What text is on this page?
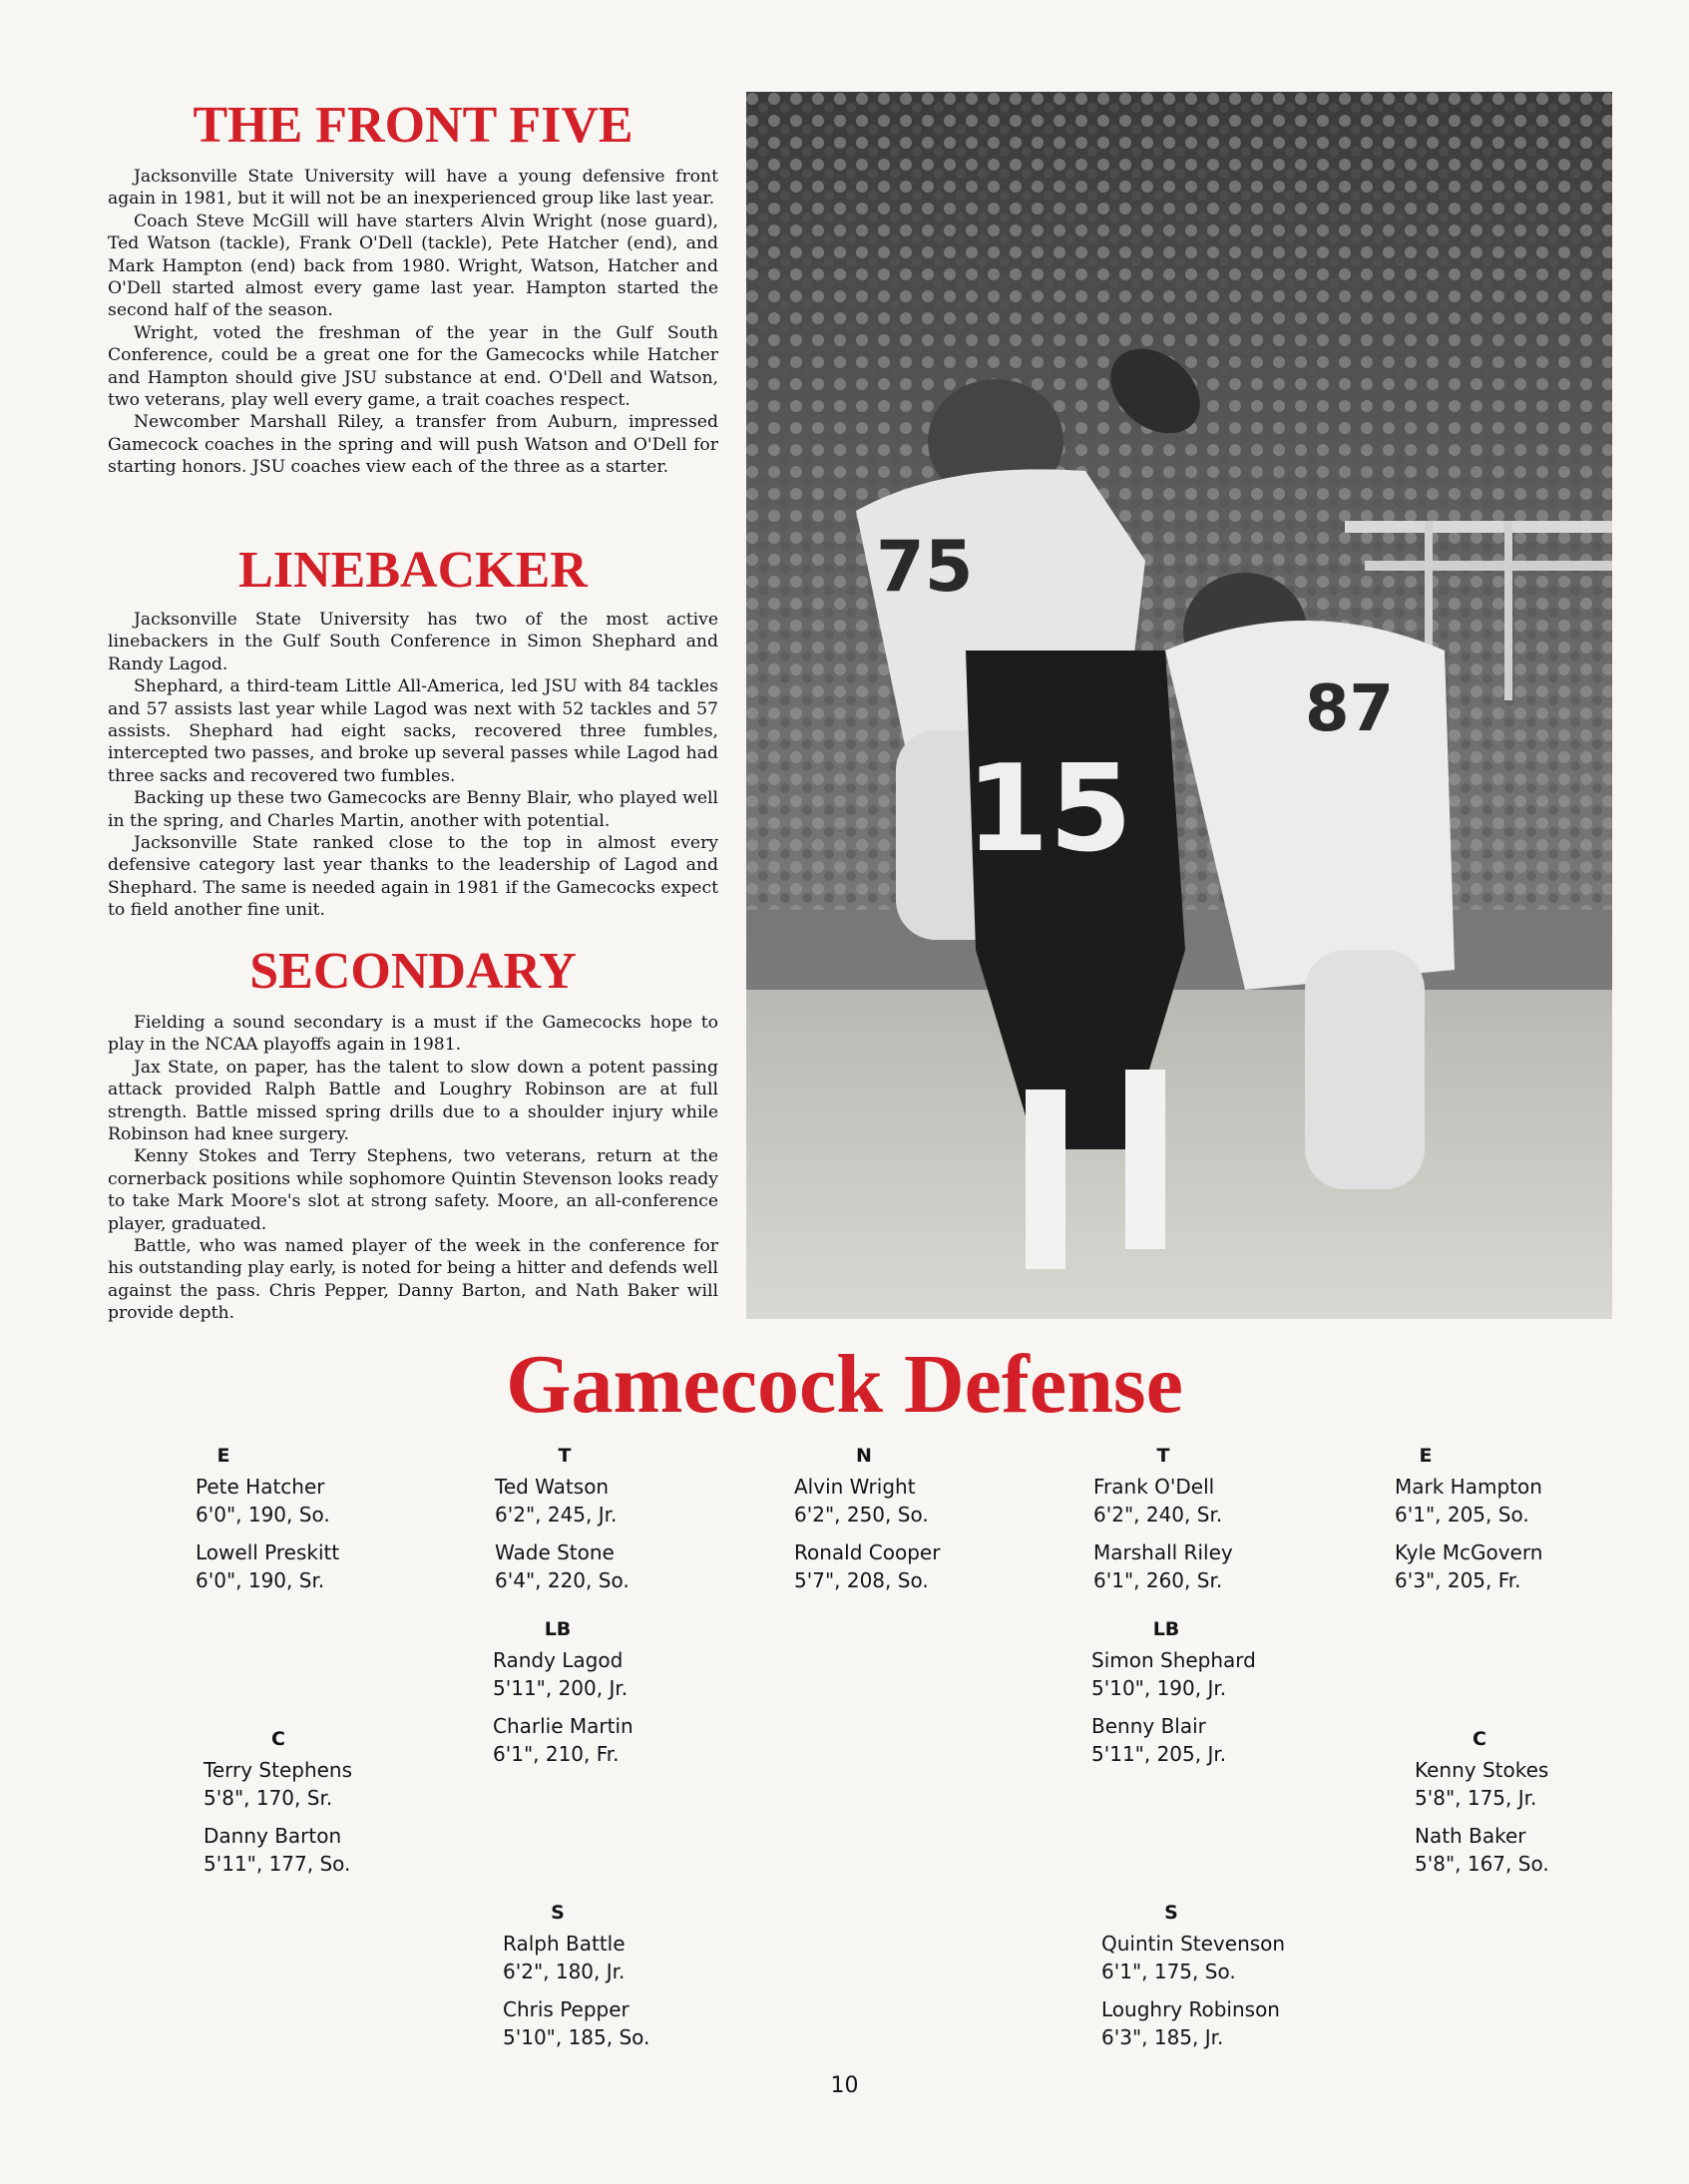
THE FRONT FIVE

Jacksonville State University will have a young defensive front again in 1981, but it will not be an inexperienced group like last year.

Coach Steve McGill will have starters Alvin Wright (nose guard), Ted Watson (tackle), Frank O'Dell (tackle), Pete Hatcher (end), and Mark Hampton (end) back from 1980. Wright, Watson, Hatcher and O'Dell started almost every game last year. Hampton started the second half of the season.

Wright, voted the freshman of the year in the Gulf South Conference, could be a great one for the Gamecocks while Hatcher and Hampton should give JSU substance at end. O'Dell and Watson, two veterans, play well every game, a trait coaches respect.

Newcomber Marshall Riley, a transfer from Auburn, impressed Gamecock coaches in the spring and will push Watson and O'Dell for starting honors. JSU coaches view each of the three as a starter.

LINEBACKER

Jacksonville State University has two of the most active linebackers in the Gulf South Conference in Simon Shephard and Randy Lagod.

Shephard, a third-team Little All-America, led JSU with 84 tackles and 57 assists last year while Lagod was next with 52 tackles and 57 assists. Shephard had eight sacks, recovered three fumbles, intercepted two passes, and broke up several passes while Lagod had three sacks and recovered two fumbles.

Backing up these two Gamecocks are Benny Blair, who played well in the spring, and Charles Martin, another with potential.

Jacksonville State ranked close to the top in almost every defensive category last year thanks to the leadership of Lagod and Shephard. The same is needed again in 1981 if the Gamecocks expect to field another fine unit.

SECONDARY

Fielding a sound secondary is a must if the Gamecocks hope to play in the NCAA playoffs again in 1981.

Jax State, on paper, has the talent to slow down a potent passing attack provided Ralph Battle and Loughry Robinson are at full strength. Battle missed spring drills due to a shoulder injury while Robinson had knee surgery.

Kenny Stokes and Terry Stephens, two veterans, return at the cornerback positions while sophomore Quintin Stevenson looks ready to take Mark Moore's slot at strong safety. Moore, an all-conference player, graduated.

Battle, who was named player of the week in the conference for his outstanding play early, is noted for being a hitter and defends well against the pass. Chris Pepper, Danny Barton, and Nath Baker will provide depth.

75
87
15
Gamecock Defense
E
Pete Hatcher
6'0", 190, So.
Lowell Preskitt
6'0", 190, Sr.
T
Ted Watson
6'2", 245, Jr.
Wade Stone
6'4", 220, So.
N
Alvin Wright
6'2", 250, So.
Ronald Cooper
5'7", 208, So.
T
Frank O'Dell
6'2", 240, Sr.
Marshall Riley
6'1", 260, Sr.
E
Mark Hampton
6'1", 205, So.
Kyle McGovern
6'3", 205, Fr.
LB
Randy Lagod
5'11", 200, Jr.
Charlie Martin
6'1", 210, Fr.
LB
Simon Shephard
5'10", 190, Jr.
Benny Blair
5'11", 205, Jr.
C
Terry Stephens
5'8", 170, Sr.
Danny Barton
5'11", 177, So.
C
Kenny Stokes
5'8", 175, Jr.
Nath Baker
5'8", 167, So.
S
Ralph Battle
6'2", 180, Jr.
Chris Pepper
5'10", 185, So.
S
Quintin Stevenson
6'1", 175, So.
Loughry Robinson
6'3", 185, Jr.
10
